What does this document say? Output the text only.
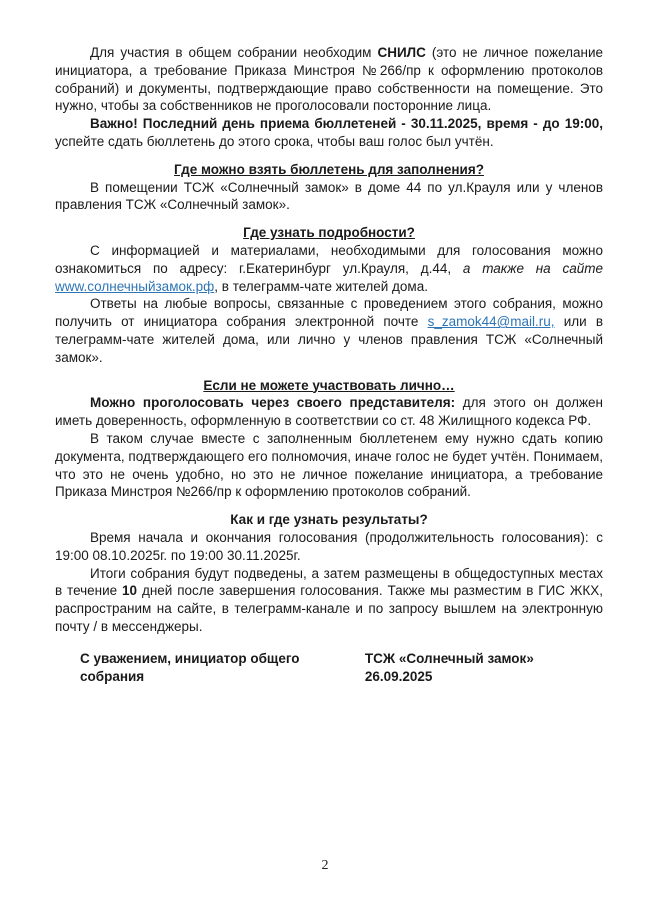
Для участия в общем собрании необходим СНИЛС (это не личное пожелание инициатора, а требование Приказа Минстроя №266/пр к оформлению протоколов собраний) и документы, подтверждающие право собственности на помещение. Это нужно, чтобы за собственников не проголосовали посторонние лица.

Важно! Последний день приема бюллетеней - 30.11.2025, время - до 19:00, успейте сдать бюллетень до этого срока, чтобы ваш голос был учтён.

Где можно взять бюллетень для заполнения?

В помещении ТСЖ «Солнечный замок» в доме 44 по ул.Крауля или у членов правления ТСЖ «Солнечный замок».

Где узнать подробности?

С информацией и материалами, необходимыми для голосования можно ознакомиться по адресу: г.Екатеринбург ул.Крауля, д.44, а также на сайте www.солнечныйзамок.рф, в телеграмм-чате жителей дома.

Ответы на любые вопросы, связанные с проведением этого собрания, можно получить от инициатора собрания электронной почте s_zamok44@mail.ru, или в телеграмм-чате жителей дома, или лично у членов правления ТСЖ «Солнечный замок».

Если не можете участвовать лично…

Можно проголосовать через своего представителя: для этого он должен иметь доверенность, оформленную в соответствии со ст. 48 Жилищного кодекса РФ.

В таком случае вместе с заполненным бюллетенем ему нужно сдать копию документа, подтверждающего его полномочия, иначе голос не будет учтён. Понимаем, что это не очень удобно, но это не личное пожелание инициатора, а требование Приказа Минстроя №266/пр к оформлению протоколов собраний.

Как и где узнать результаты?

Время начала и окончания голосования (продолжительность голосования): с 19:00 08.10.2025г. по 19:00 30.11.2025г.

Итоги собрания будут подведены, а затем размещены в общедоступных местах в течение 10 дней после завершения голосования. Также мы разместим в ГИС ЖКХ, распространим на сайте, в телеграмм-канале и по запросу вышлем на электронную почту / в мессенджеры.

С уважением, инициатор общего собрания
ТСЖ «Солнечный замок» 26.09.2025
2
